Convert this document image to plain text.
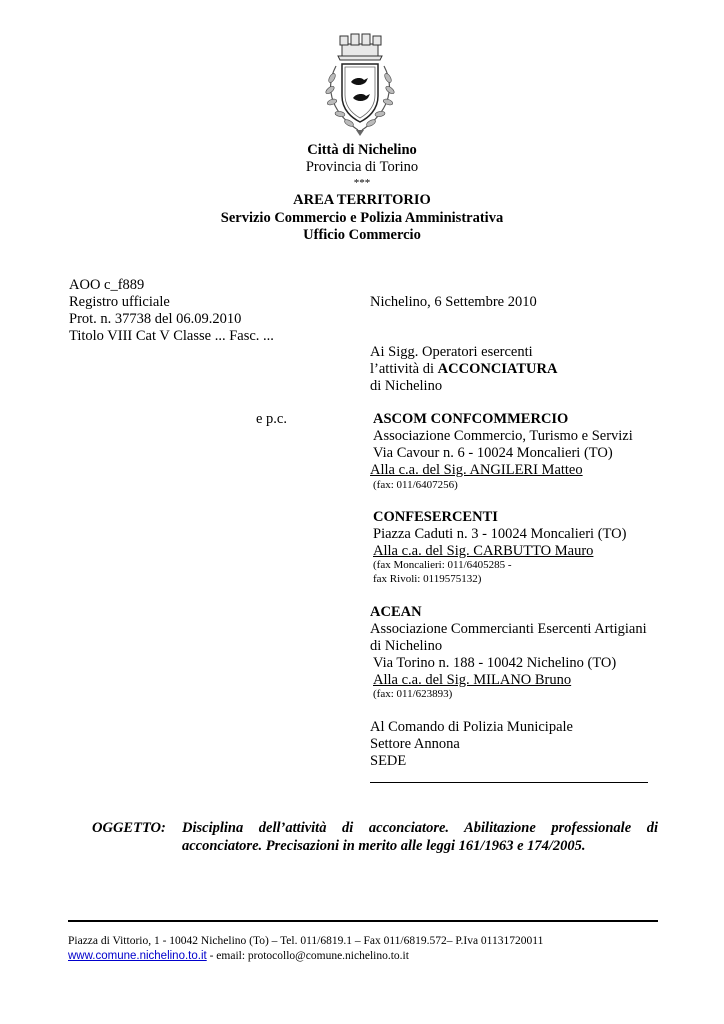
Città di Nichelino
Provincia di Torino
***
AREA TERRITORIO
Servizio Commercio e Polizia Amministrativa
Ufficio Commercio
AOO c_f889
Registro ufficiale
Prot. n. 37738 del 06.09.2010
Titolo VIII Cat V Classe ... Fasc. ...
Nichelino, 6 Settembre 2010
Ai Sigg. Operatori esercenti
l’attività di ACCONCIATURA
di Nichelino
e p.c.	ASCOM CONFCOMMERCIO
Associazione Commercio, Turismo e Servizi
Via Cavour n. 6 - 10024 Moncalieri (TO)
Alla c.a. del Sig. ANGILERI Matteo
(fax: 011/6407256)
CONFESERCENTI
Piazza Caduti n. 3 - 10024 Moncalieri (TO)
Alla c.a. del Sig. CARBUTTO Mauro
(fax Moncalieri: 011/6405285 -
fax Rivoli: 0119575132)
ACEAN
Associazione Commercianti Esercenti Artigiani
di Nichelino
Via Torino n. 188 - 10042 Nichelino (TO)
Alla c.a. del Sig. MILANO Bruno
(fax: 011/623893)
Al Comando di Polizia Municipale
Settore Annona
SEDE
OGGETTO: Disciplina dell’attività di acconciatore. Abilitazione professionale di acconciatore. Precisazioni in merito alle leggi 161/1963 e 174/2005.
Piazza di Vittorio, 1 - 10042 Nichelino (To) – Tel. 011/6819.1 – Fax 011/6819.572– P.Iva 01131720011
www.comune.nichelino.to.it - email: protocollo@comune.nichelino.to.it
